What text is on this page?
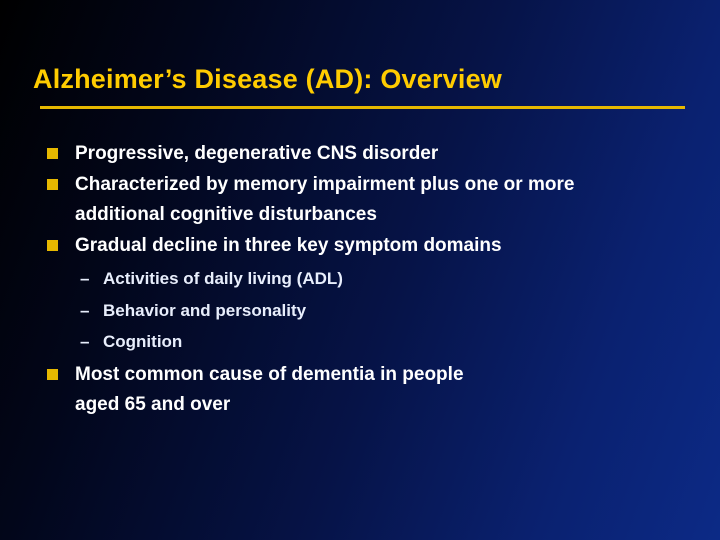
Alzheimer’s Disease (AD): Overview
Progressive, degenerative CNS disorder
Characterized by memory impairment plus one or more
additional cognitive disturbances
Gradual decline in three key symptom domains
– Activities of daily living (ADL)
– Behavior and personality
– Cognition
Most common cause of dementia in people
aged 65 and over
